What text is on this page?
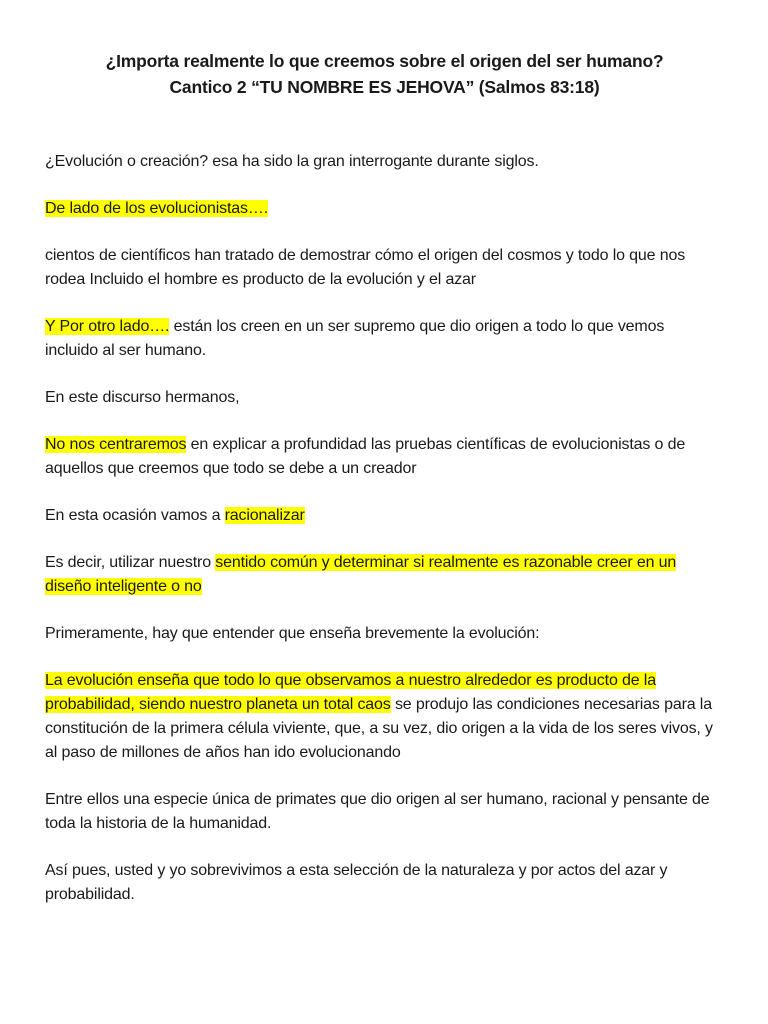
¿Importa realmente lo que creemos sobre el origen del ser humano?
Cantico 2 “TU NOMBRE ES JEHOVA” (Salmos 83:18)

¿Evolución o creación? esa ha sido la gran interrogante durante siglos.

De lado de los evolucionistas….

cientos de científicos han tratado de demostrar cómo el origen del cosmos y todo lo que nos rodea Incluido el hombre es producto de la evolución y el azar

Y Por otro lado…. están los creen en un ser supremo que dio origen a todo lo que vemos incluido al ser humano.

En este discurso hermanos,

No nos centraremos en explicar a profundidad las pruebas científicas de evolucionistas o de aquellos que creemos que todo se debe a un creador

En esta ocasión vamos a racionalizar

Es decir, utilizar nuestro sentido común y determinar si realmente es razonable creer en un diseño inteligente o no

Primeramente, hay que entender que enseña brevemente la evolución:

La evolución enseña que todo lo que observamos a nuestro alrededor es producto de la probabilidad, siendo nuestro planeta un total caos se produjo las condiciones necesarias para la constitución de la primera célula viviente, que, a su vez, dio origen a la vida de los seres vivos, y al paso de millones de años han ido evolucionando

Entre ellos una especie única de primates que dio origen al ser humano, racional y pensante de toda la historia de la humanidad.

Así pues, usted y yo sobrevivimos a esta selección de la naturaleza y por actos del azar y probabilidad.
